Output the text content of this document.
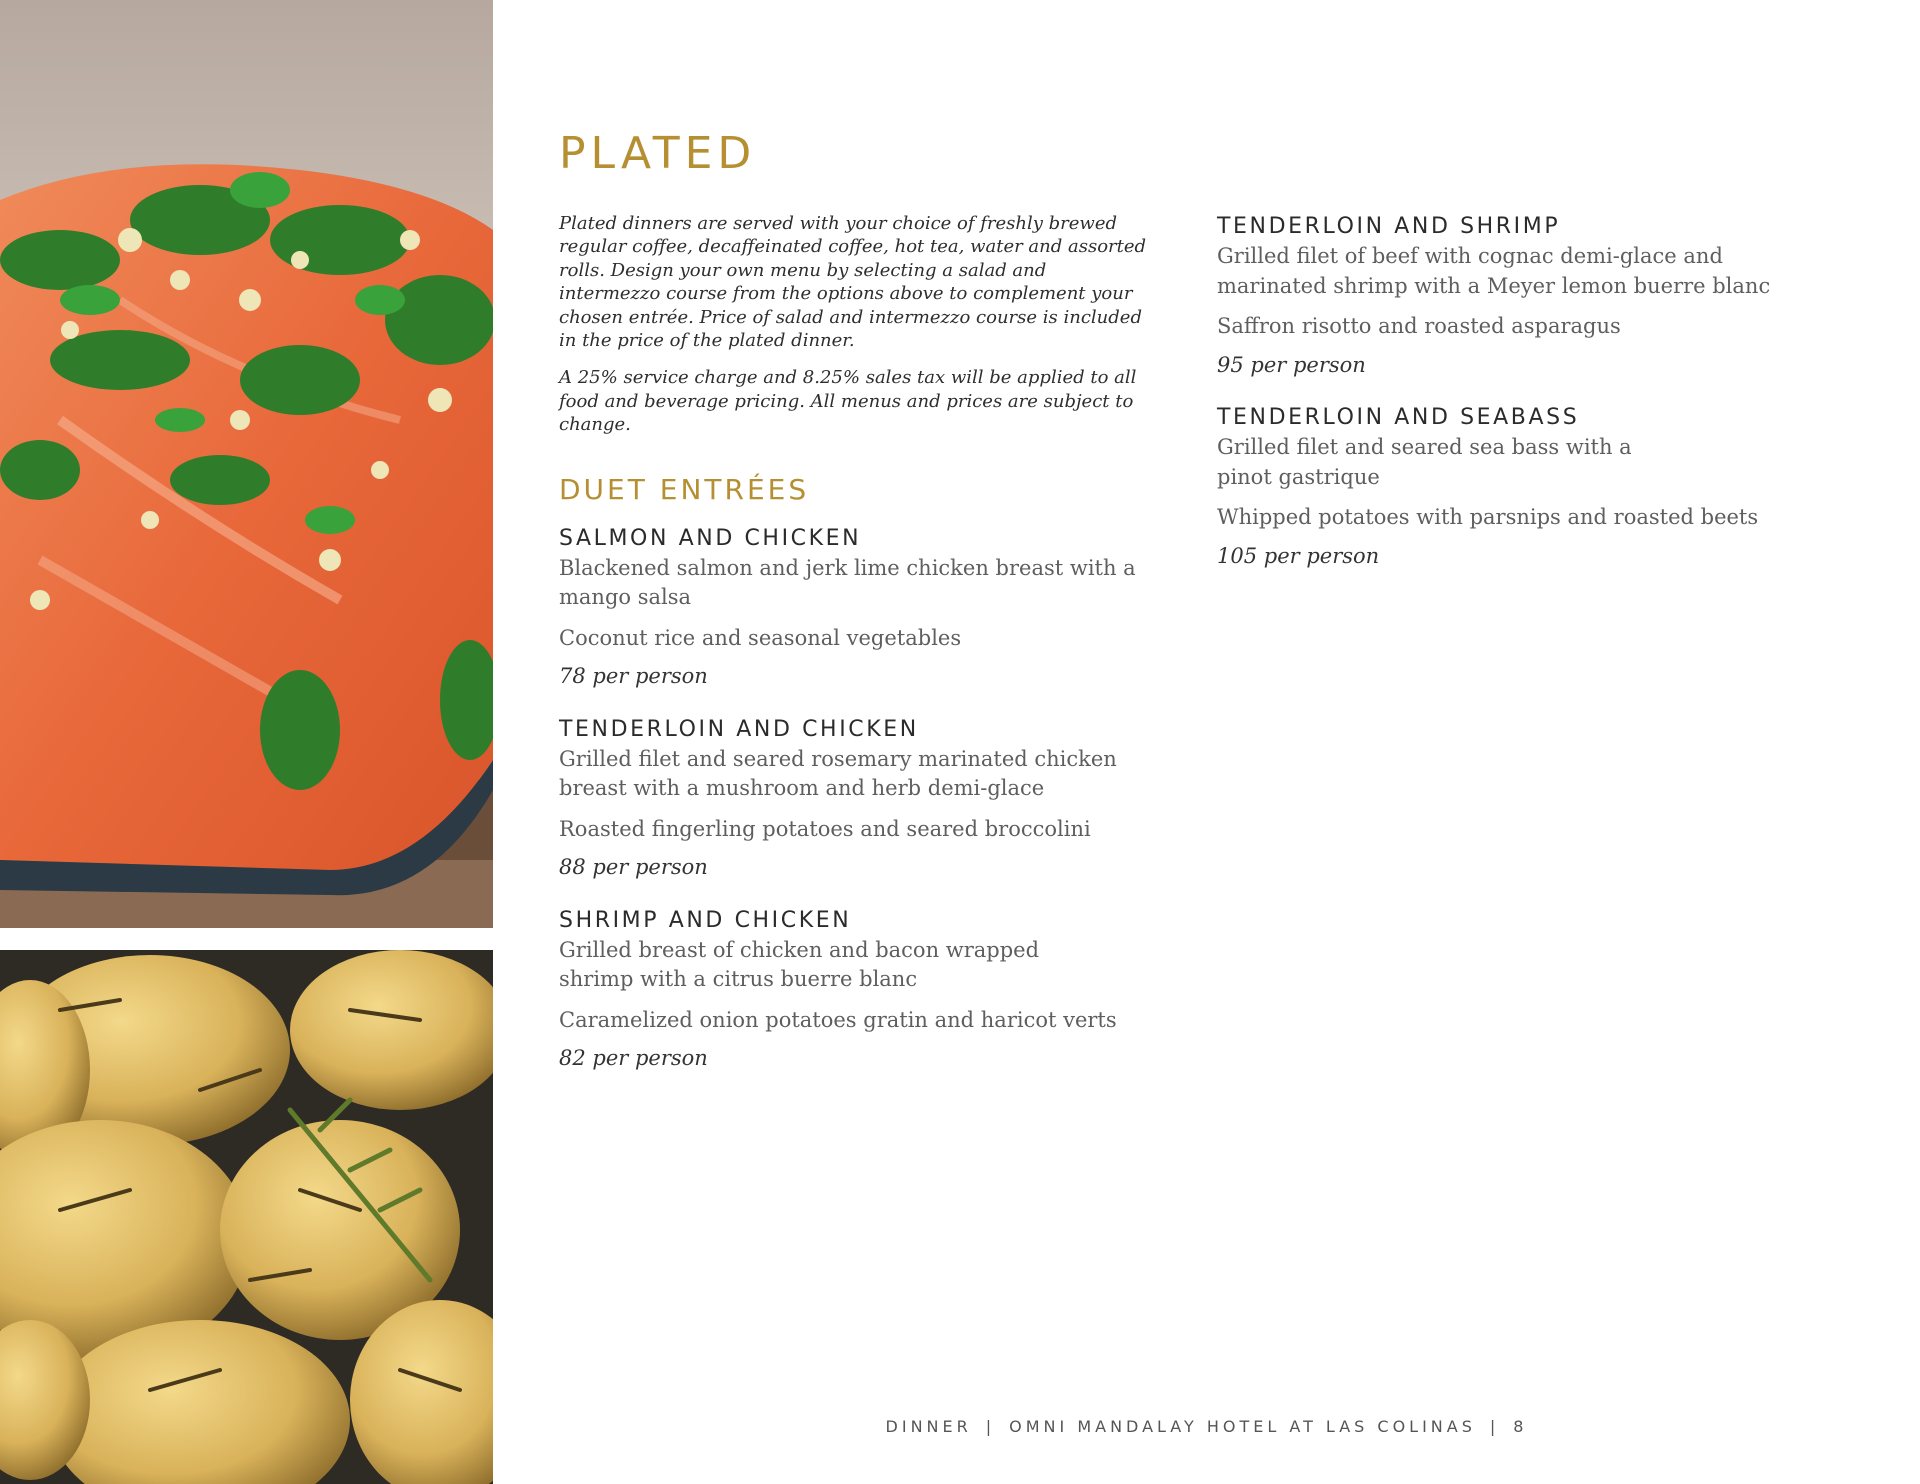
PLATED

Plated dinners are served with your choice of freshly brewed regular coffee, decaffeinated coffee, hot tea, water and assorted rolls. Design your own menu by selecting a salad and intermezzo course from the options above to complement your chosen entrée. Price of salad and intermezzo course is included in the price of the plated dinner.

A 25% service charge and 8.25% sales tax will be applied to all food and beverage pricing. All menus and prices are subject to change.

DUET ENTRÉES
SALMON AND CHICKEN

Blackened salmon and jerk lime chicken breast with a mango salsa

Coconut rice and seasonal vegetables

78 per person

TENDERLOIN AND CHICKEN

Grilled filet and seared rosemary marinated chicken breast with a mushroom and herb demi-glace

Roasted fingerling potatoes and seared broccolini

88 per person

SHRIMP AND CHICKEN

Grilled breast of chicken and bacon wrapped shrimp with a citrus buerre blanc

Caramelized onion potatoes gratin and haricot verts

82 per person

TENDERLOIN AND SHRIMP

Grilled filet of beef with cognac demi-glace and marinated shrimp with a Meyer lemon buerre blanc

Saffron risotto and roasted asparagus

95 per person

TENDERLOIN AND SEABASS

Grilled filet and seared sea bass with a pinot gastrique

Whipped potatoes with parsnips and roasted beets

105 per person

DINNER | OMNI MANDALAY HOTEL AT LAS COLINAS | 8
